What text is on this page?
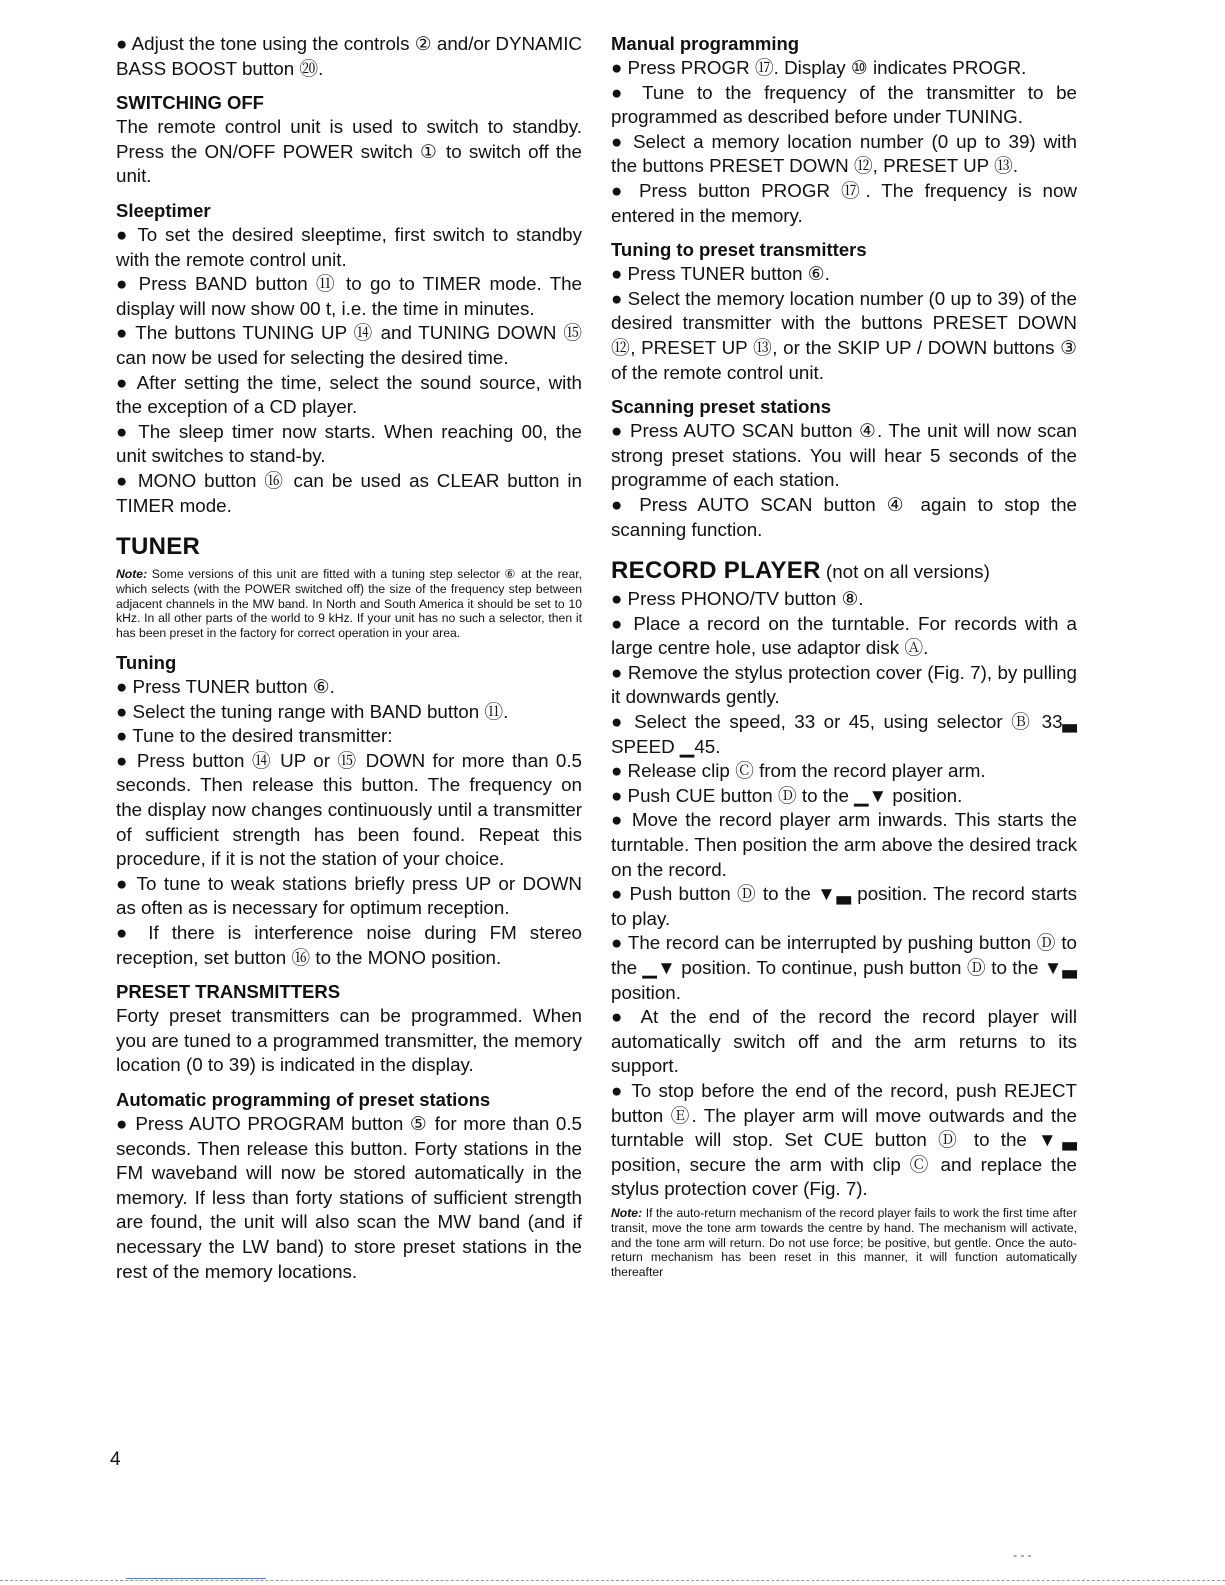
● Adjust the tone using the controls ② and/or DYNAMIC BASS BOOST button ⑳.

SWITCHING OFF

The remote control unit is used to switch to standby. Press the ON/OFF POWER switch ① to switch off the unit.

Sleeptimer

● To set the desired sleeptime, first switch to standby with the remote control unit.

● Press BAND button ⑪ to go to TIMER mode. The display will now show 00 t, i.e. the time in minutes.

● The buttons TUNING UP ⑭ and TUNING DOWN ⑮ can now be used for selecting the desired time.

● After setting the time, select the sound source, with the exception of a CD player.

● The sleep timer now starts. When reaching 00, the unit switches to stand-by.

● MONO button ⑯ can be used as CLEAR button in TIMER mode.

TUNER

Note: Some versions of this unit are fitted with a tuning step selector ⑥ at the rear, which selects (with the POWER switched off) the size of the frequency step between adjacent channels in the MW band. In North and South America it should be set to 10 kHz. In all other parts of the world to 9 kHz. If your unit has no such a selector, then it has been preset in the factory for correct operation in your area.

Tuning

● Press TUNER button ⑥.

● Select the tuning range with BAND button ⑪.

● Tune to the desired transmitter:

● Press button ⑭ UP or ⑮ DOWN for more than 0.5 seconds. Then release this button. The frequency on the display now changes continuously until a transmitter of sufficient strength has been found. Repeat this procedure, if it is not the station of your choice.

● To tune to weak stations briefly press UP or DOWN as often as is necessary for optimum reception.

● If there is interference noise during FM stereo reception, set button ⑯ to the MONO position.

PRESET TRANSMITTERS

Forty preset transmitters can be programmed. When you are tuned to a programmed transmitter, the memory location (0 to 39) is indicated in the display.

Automatic programming of preset stations

● Press AUTO PROGRAM button ⑤ for more than 0.5 seconds. Then release this button. Forty stations in the FM waveband will now be stored automatically in the memory. If less than forty stations of sufficient strength are found, the unit will also scan the MW band (and if necessary the LW band) to store preset stations in the rest of the memory locations.

Manual programming

● Press PROGR ⑰. Display ⑩ indicates PROGR.

● Tune to the frequency of the transmitter to be programmed as described before under TUNING.

● Select a memory location number (0 up to 39) with the buttons PRESET DOWN ⑫, PRESET UP ⑬.

● Press button PROGR ⑰. The frequency is now entered in the memory.

Tuning to preset transmitters

● Press TUNER button ⑥.

● Select the memory location number (0 up to 39) of the desired transmitter with the buttons PRESET DOWN ⑫, PRESET UP ⑬, or the SKIP UP / DOWN buttons ③ of the remote control unit.

Scanning preset stations

● Press AUTO SCAN button ④. The unit will now scan strong preset stations. You will hear 5 seconds of the programme of each station.

● Press AUTO SCAN button ④ again to stop the scanning function.

RECORD PLAYER (not on all versions)

● Press PHONO/TV button ⑧.

● Place a record on the turntable. For records with a large centre hole, use adaptor disk Ⓐ.

● Remove the stylus protection cover (Fig. 7), by pulling it downwards gently.

● Select the speed, 33 or 45, using selector Ⓑ 33▃ SPEED ▁45.

● Release clip Ⓒ from the record player arm.

● Push CUE button Ⓓ to the ▁▼ position.

● Move the record player arm inwards. This starts the turntable. Then position the arm above the desired track on the record.

● Push button Ⓓ to the ▼▃ position. The record starts to play.

● The record can be interrupted by pushing button Ⓓ to the ▁▼ position. To continue, push button Ⓓ to the ▼▃ position.

● At the end of the record the record player will automatically switch off and the arm returns to its support.

● To stop before the end of the record, push REJECT button Ⓔ. The player arm will move outwards and the turntable will stop. Set CUE button Ⓓ to the ▼▃ position, secure the arm with clip Ⓒ and replace the stylus protection cover (Fig. 7).

Note: If the auto-return mechanism of the record player fails to work the first time after transit, move the tone arm towards the centre by hand. The mechanism will activate, and the tone arm will return. Do not use force; be positive, but gentle. Once the auto-return mechanism has been reset in this manner, it will function automatically thereafter

4
- - -
